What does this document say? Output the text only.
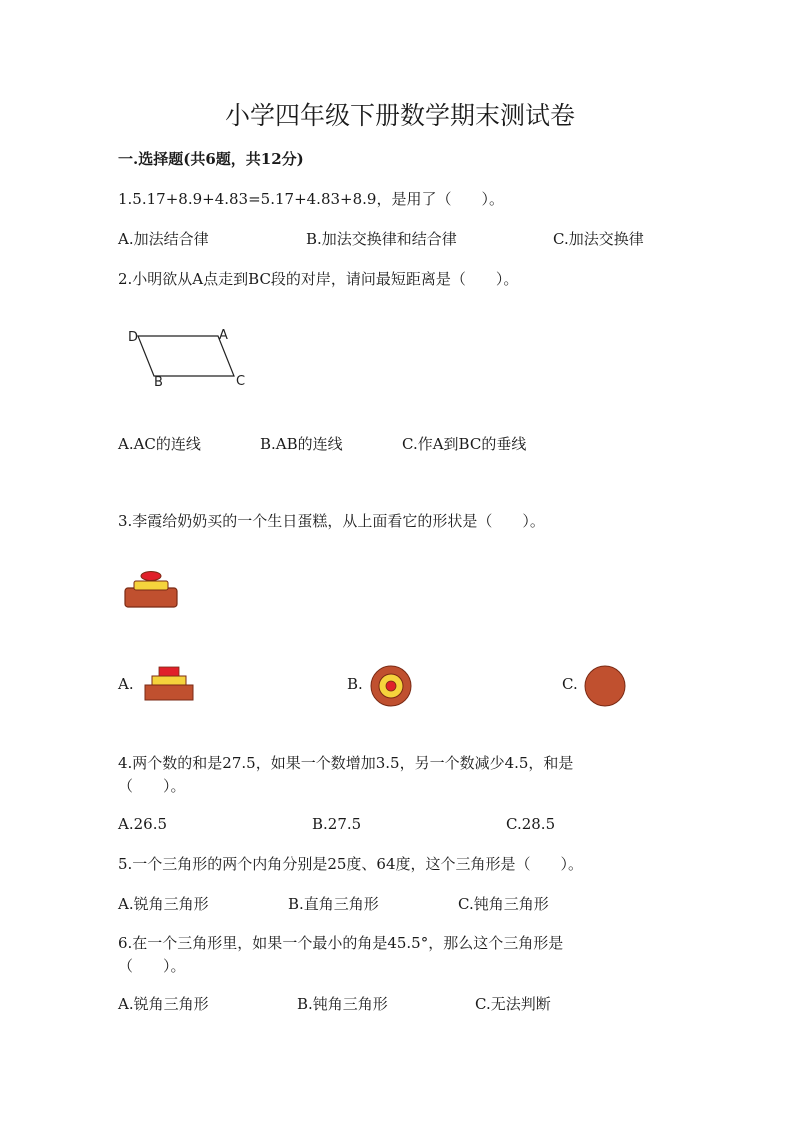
小学四年级下册数学期末测试卷
一.选择题(共6题，共12分)
1.5.17+8.9+4.83=5.17+4.83+8.9，是用了（　　）。
A.加法结合律	B.加法交换律和结合律	C.加法交换律
2.小明欲从A点走到BC段的对岸，请问最短距离是（　　）。
D	A
B	C
A.AC的连线	B.AB的连线	C.作A到BC的垂线
3.李霞给奶奶买的一个生日蛋糕，从上面看它的形状是（　　）。
A.	B.	C.
4.两个数的和是27.5，如果一个数增加3.5，另一个数减少4.5，和是
（　　）。
A.26.5	B.27.5	C.28.5
5.一个三角形的两个内角分别是25度、64度，这个三角形是（　　）。
A.锐角三角形	B.直角三角形	C.钝角三角形
6.在一个三角形里，如果一个最小的角是45.5°，那么这个三角形是
（　　）。
A.锐角三角形	B.钝角三角形	C.无法判断
